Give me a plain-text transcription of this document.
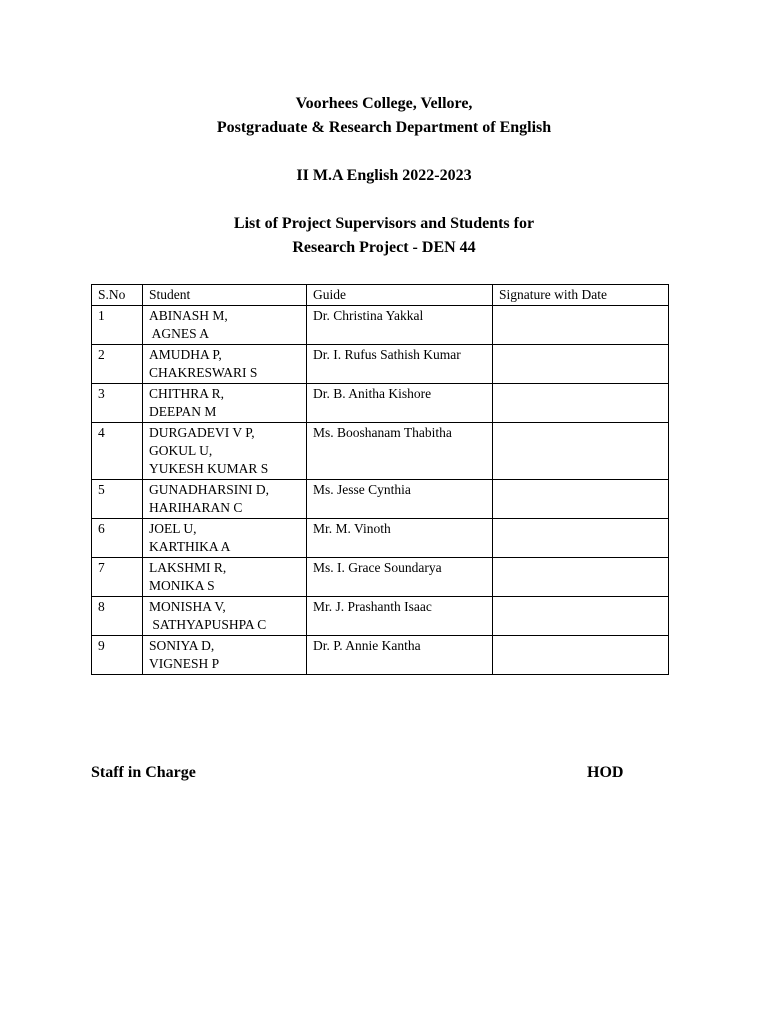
Voorhees College, Vellore,
Postgraduate & Research Department of English
II M.A English 2022-2023
List of Project Supervisors and Students for
Research Project - DEN 44
S.No	Student	Guide	Signature with Date
1	ABINASH M,
AGNES A	Dr. Christina Yakkal	
2	AMUDHA P,
CHAKRESWARI S	Dr. I. Rufus Sathish Kumar	
3	CHITHRA R,
DEEPAN M	Dr. B. Anitha Kishore	
4	DURGADEVI V P,
GOKUL U,
YUKESH KUMAR S	Ms. Booshanam Thabitha	
5	GUNADHARSINI D,
HARIHARAN C	Ms. Jesse Cynthia	
6	JOEL U,
KARTHIKA A	Mr. M. Vinoth	
7	LAKSHMI R,
MONIKA S	Ms. I. Grace Soundarya	
8	MONISHA V,
SATHYAPUSHPA C	Mr. J. Prashanth Isaac	
9	SONIYA D,
VIGNESH P	Dr. P. Annie Kantha	
Staff in Charge	HOD
